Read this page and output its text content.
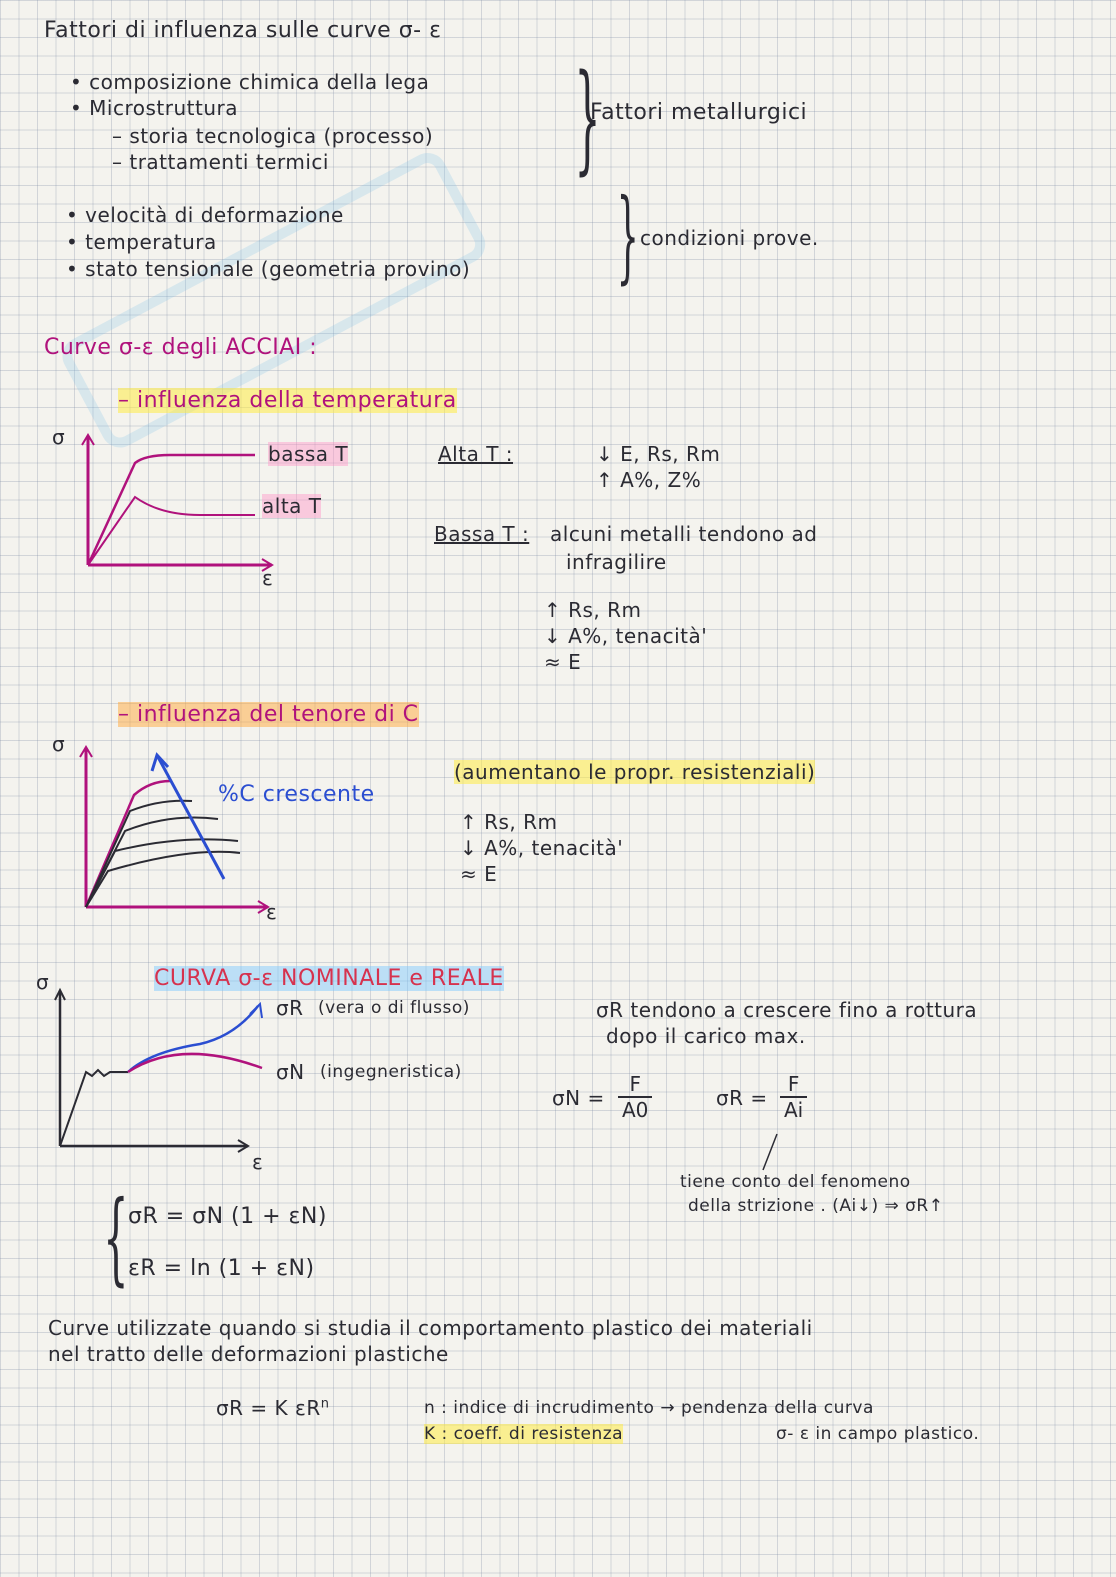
Fattori di influenza sulle curve σ- ε
• composizione chimica della lega
• Microstruttura
– storia tecnologica (processo)
– trattamenti termici }
Fattori metallurgici
• velocità di deformazione
• temperatura
• stato tensionale (geometria provino) } condizioni prove.
Curve σ-ε degli ACCIAI :
– influenza della temperatura
σ
ε
bassa T
alta T
Alta T :	↓ E, Rs, Rm
↑ A%, Z%
Bassa T : alcuni metalli tendono ad
infragilire
↑ Rs, Rm
↓ A%, tenacità'
≈ E
– influenza del tenore di C
σ
ε
%C crescente
(aumentano le propr. resistenziali)
↑ Rs, Rm
↓ A%, tenacità'
≈ E
CURVA σ-ε NOMINALE e REALE
σ
ε
σR (vera o di flusso)
σN (ingegneristica)
σR tendono a crescere fino a rottura
dopo il carico max.
$\sigma N = \frac{F}{A0}$	$\sigma R = \frac{F}{Ai}$
tiene conto del fenomeno
della strizione . (Ai↓) ⇒ σR↑
{ σR = σN (1 + εN)
εR = ln (1 + εN)
Curve utilizzate quando si studia il comportamento plastico dei materiali
nel tratto delle deformazioni plastiche
σR = K $\varepsilon R^n$	n : indice di incrudimento → pendenza della curva
K : coeff. di resistenza	σ- ε in campo plastico.
